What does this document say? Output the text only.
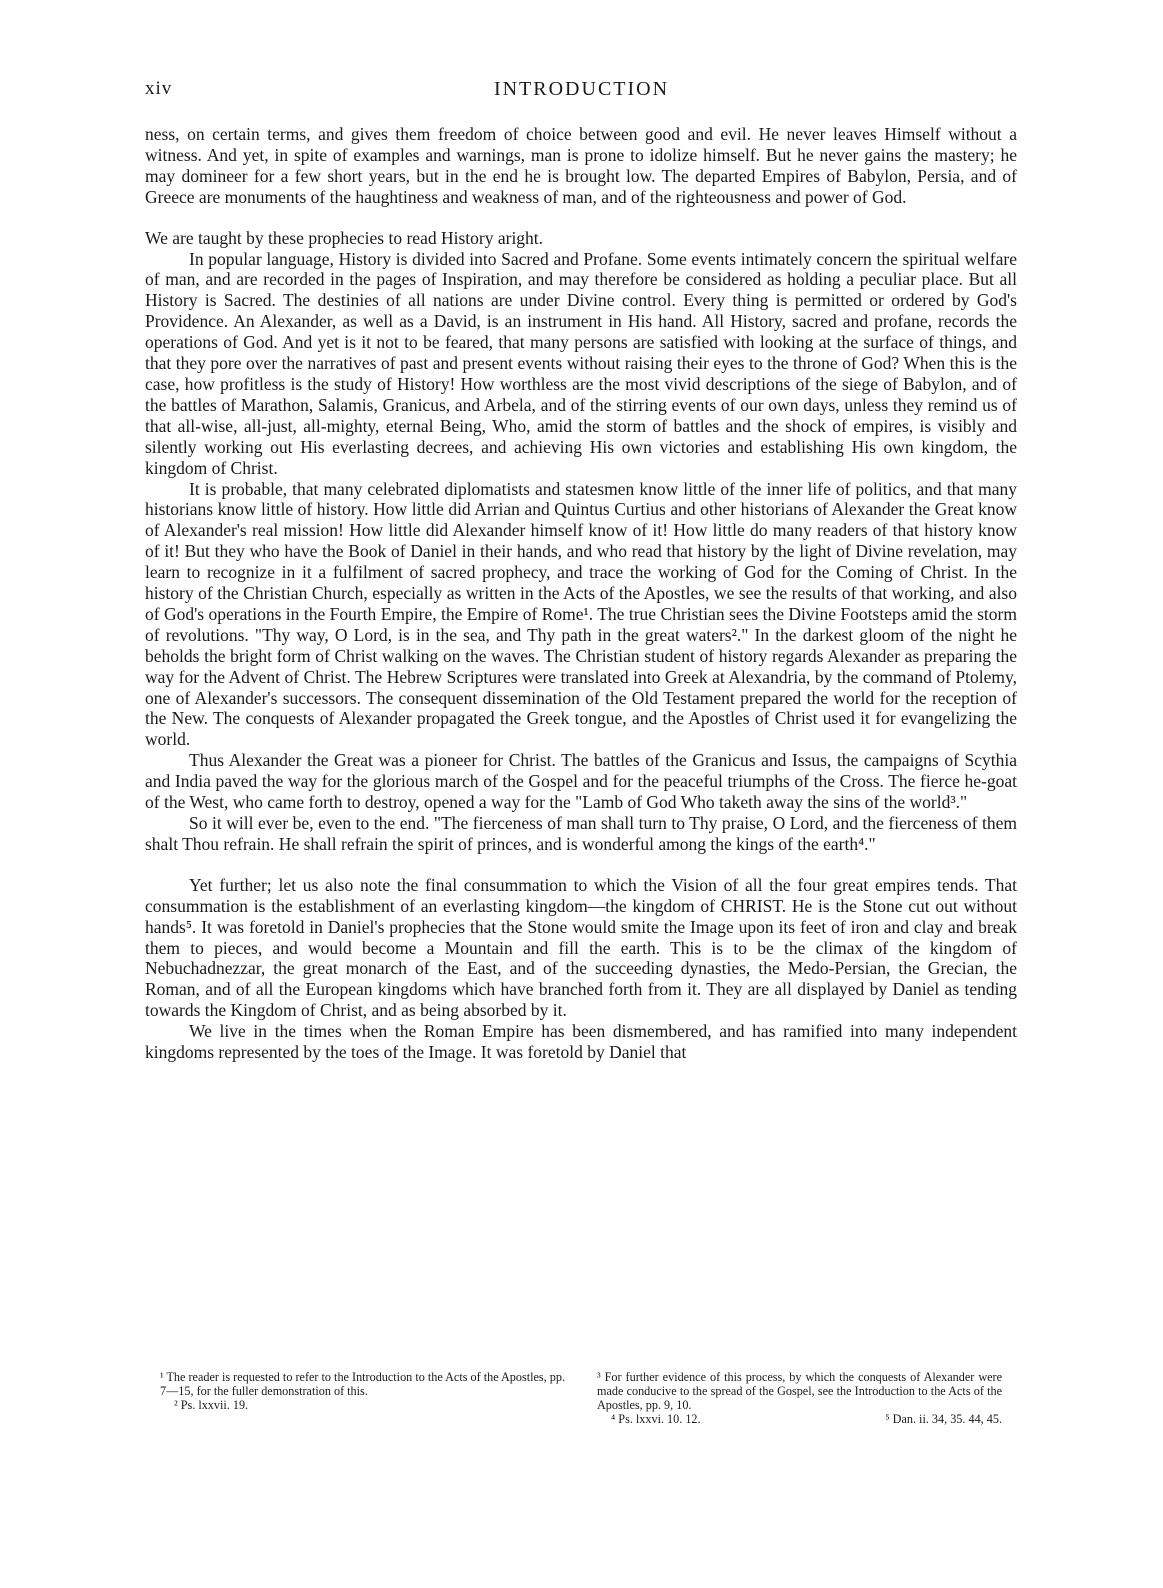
xiv	INTRODUCTION

ness, on certain terms, and gives them freedom of choice between good and evil. He never leaves Himself without a witness. And yet, in spite of examples and warnings, man is prone to idolize himself. But he never gains the mastery; he may domineer for a few short years, but in the end he is brought low. The departed Empires of Babylon, Persia, and of Greece are monuments of the haughtiness and weakness of man, and of the righteousness and power of God.

We are taught by these prophecies to read History aright.

In popular language, History is divided into Sacred and Profane. Some events intimately concern the spiritual welfare of man, and are recorded in the pages of Inspiration, and may therefore be considered as holding a peculiar place. But all History is Sacred. The destinies of all nations are under Divine control. Every thing is permitted or ordered by God's Providence. An Alexander, as well as a David, is an instrument in His hand. All History, sacred and profane, records the operations of God. And yet is it not to be feared, that many persons are satisfied with looking at the surface of things, and that they pore over the narratives of past and present events without raising their eyes to the throne of God? When this is the case, how profitless is the study of History! How worthless are the most vivid descriptions of the siege of Babylon, and of the battles of Marathon, Salamis, Granicus, and Arbela, and of the stirring events of our own days, unless they remind us of that all-wise, all-just, all-mighty, eternal Being, Who, amid the storm of battles and the shock of empires, is visibly and silently working out His everlasting decrees, and achieving His own victories and establishing His own kingdom, the kingdom of Christ.

It is probable, that many celebrated diplomatists and statesmen know little of the inner life of politics, and that many historians know little of history. How little did Arrian and Quintus Curtius and other historians of Alexander the Great know of Alexander's real mission! How little did Alexander himself know of it! How little do many readers of that history know of it! But they who have the Book of Daniel in their hands, and who read that history by the light of Divine revelation, may learn to recognize in it a fulfilment of sacred prophecy, and trace the working of God for the Coming of Christ. In the history of the Christian Church, especially as written in the Acts of the Apostles, we see the results of that working, and also of God's operations in the Fourth Empire, the Empire of Rome¹. The true Christian sees the Divine Footsteps amid the storm of revolutions. "Thy way, O Lord, is in the sea, and Thy path in the great waters²." In the darkest gloom of the night he beholds the bright form of Christ walking on the waves. The Christian student of history regards Alexander as preparing the way for the Advent of Christ. The Hebrew Scriptures were translated into Greek at Alexandria, by the command of Ptolemy, one of Alexander's successors. The consequent dissemination of the Old Testament prepared the world for the reception of the New. The conquests of Alexander propagated the Greek tongue, and the Apostles of Christ used it for evangelizing the world.

Thus Alexander the Great was a pioneer for Christ. The battles of the Granicus and Issus, the campaigns of Scythia and India paved the way for the glorious march of the Gospel and for the peaceful triumphs of the Cross. The fierce he-goat of the West, who came forth to destroy, opened a way for the "Lamb of God Who taketh away the sins of the world³."

So it will ever be, even to the end. "The fierceness of man shall turn to Thy praise, O Lord, and the fierceness of them shalt Thou refrain. He shall refrain the spirit of princes, and is wonderful among the kings of the earth⁴."

Yet further; let us also note the final consummation to which the Vision of all the four great empires tends. That consummation is the establishment of an everlasting kingdom—the kingdom of CHRIST. He is the Stone cut out without hands⁵. It was foretold in Daniel's prophecies that the Stone would smite the Image upon its feet of iron and clay and break them to pieces, and would become a Mountain and fill the earth. This is to be the climax of the kingdom of Nebuchadnezzar, the great monarch of the East, and of the succeeding dynasties, the Medo-Persian, the Grecian, the Roman, and of all the European kingdoms which have branched forth from it. They are all displayed by Daniel as tending towards the Kingdom of Christ, and as being absorbed by it.

We live in the times when the Roman Empire has been dismembered, and has ramified into many independent kingdoms represented by the toes of the Image. It was foretold by Daniel that

¹ The reader is requested to refer to the Introduction to the Acts of the Apostles, pp. 7—15, for the fuller demonstration of this.

² Ps. lxxvii. 19.

³ For further evidence of this process, by which the conquests of Alexander were made conducive to the spread of the Gospel, see the Introduction to the Acts of the Apostles, pp. 9, 10.

⁴ Ps. lxxvi. 10. 12.	⁵ Dan. ii. 34, 35. 44, 45.
